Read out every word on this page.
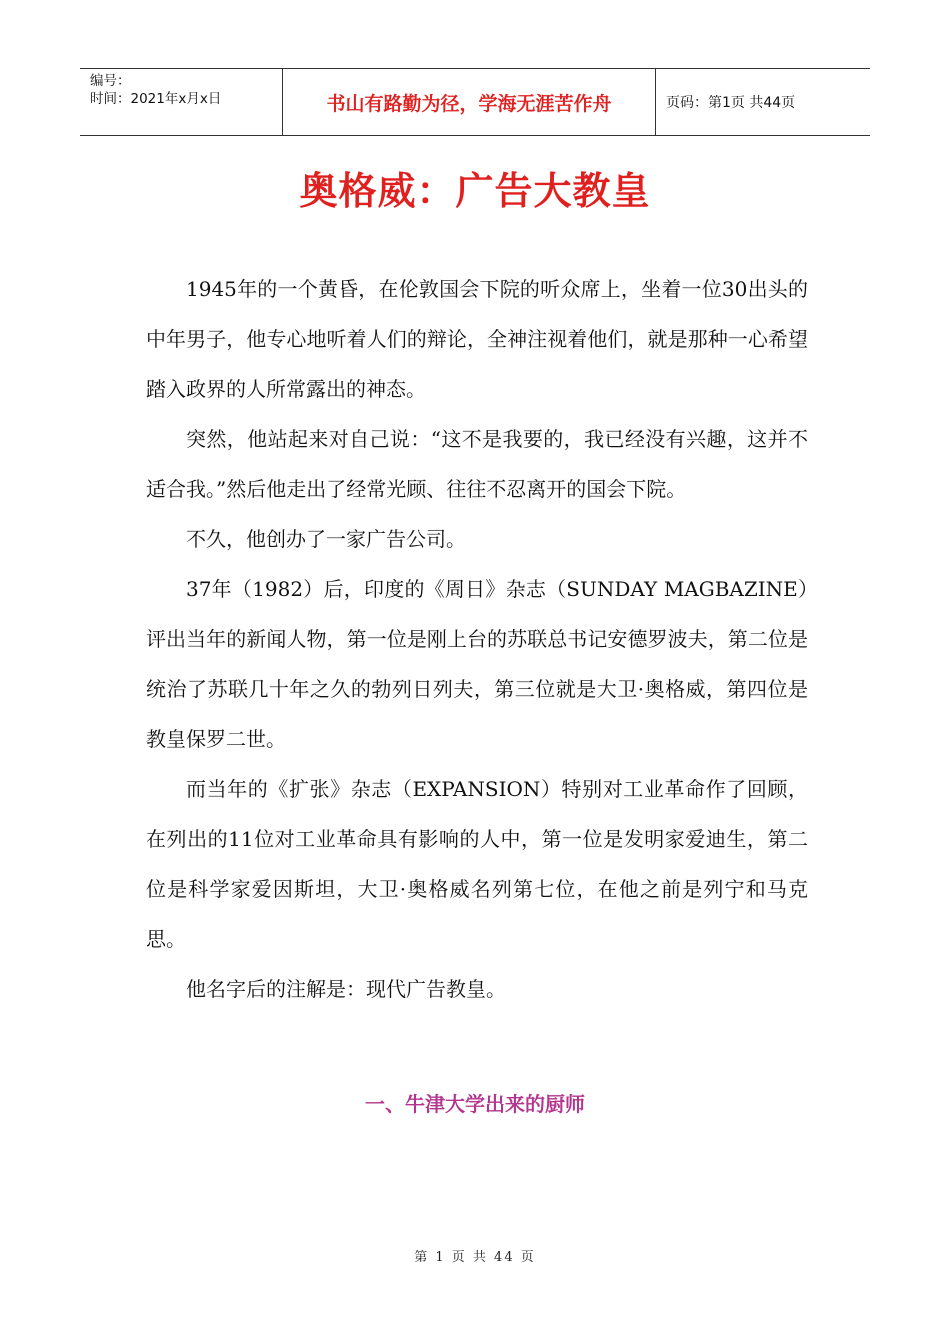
编号：
时间：2021年x月x日	书山有路勤为径，学海无涯苦作舟	页码：第1页 共44页
奥格威：广告大教皇

1945年的一个黄昏，在伦敦国会下院的听众席上，坐着一位30出头的中年男子，他专心地听着人们的辩论，全神注视着他们，就是那种一心希望踏入政界的人所常露出的神态。

突然，他站起来对自己说：“这不是我要的，我已经没有兴趣，这并不适合我。”然后他走出了经常光顾、往往不忍离开的国会下院。

不久，他创办了一家广告公司。

37年（1982）后，印度的《周日》杂志（SUNDAY MAGBAZINE）评出当年的新闻人物，第一位是刚上台的苏联总书记安德罗波夫，第二位是统治了苏联几十年之久的勃列日列夫，第三位就是大卫·奥格威，第四位是教皇保罗二世。

而当年的《扩张》杂志（EXPANSION）特别对工业革命作了回顾，在列出的11位对工业革命具有影响的人中，第一位是发明家爱迪生，第二位是科学家爱因斯坦，大卫·奥格威名列第七位，在他之前是列宁和马克思。

他名字后的注解是：现代广告教皇。

一、牛津大学出来的厨师
第 1 页 共 44 页
